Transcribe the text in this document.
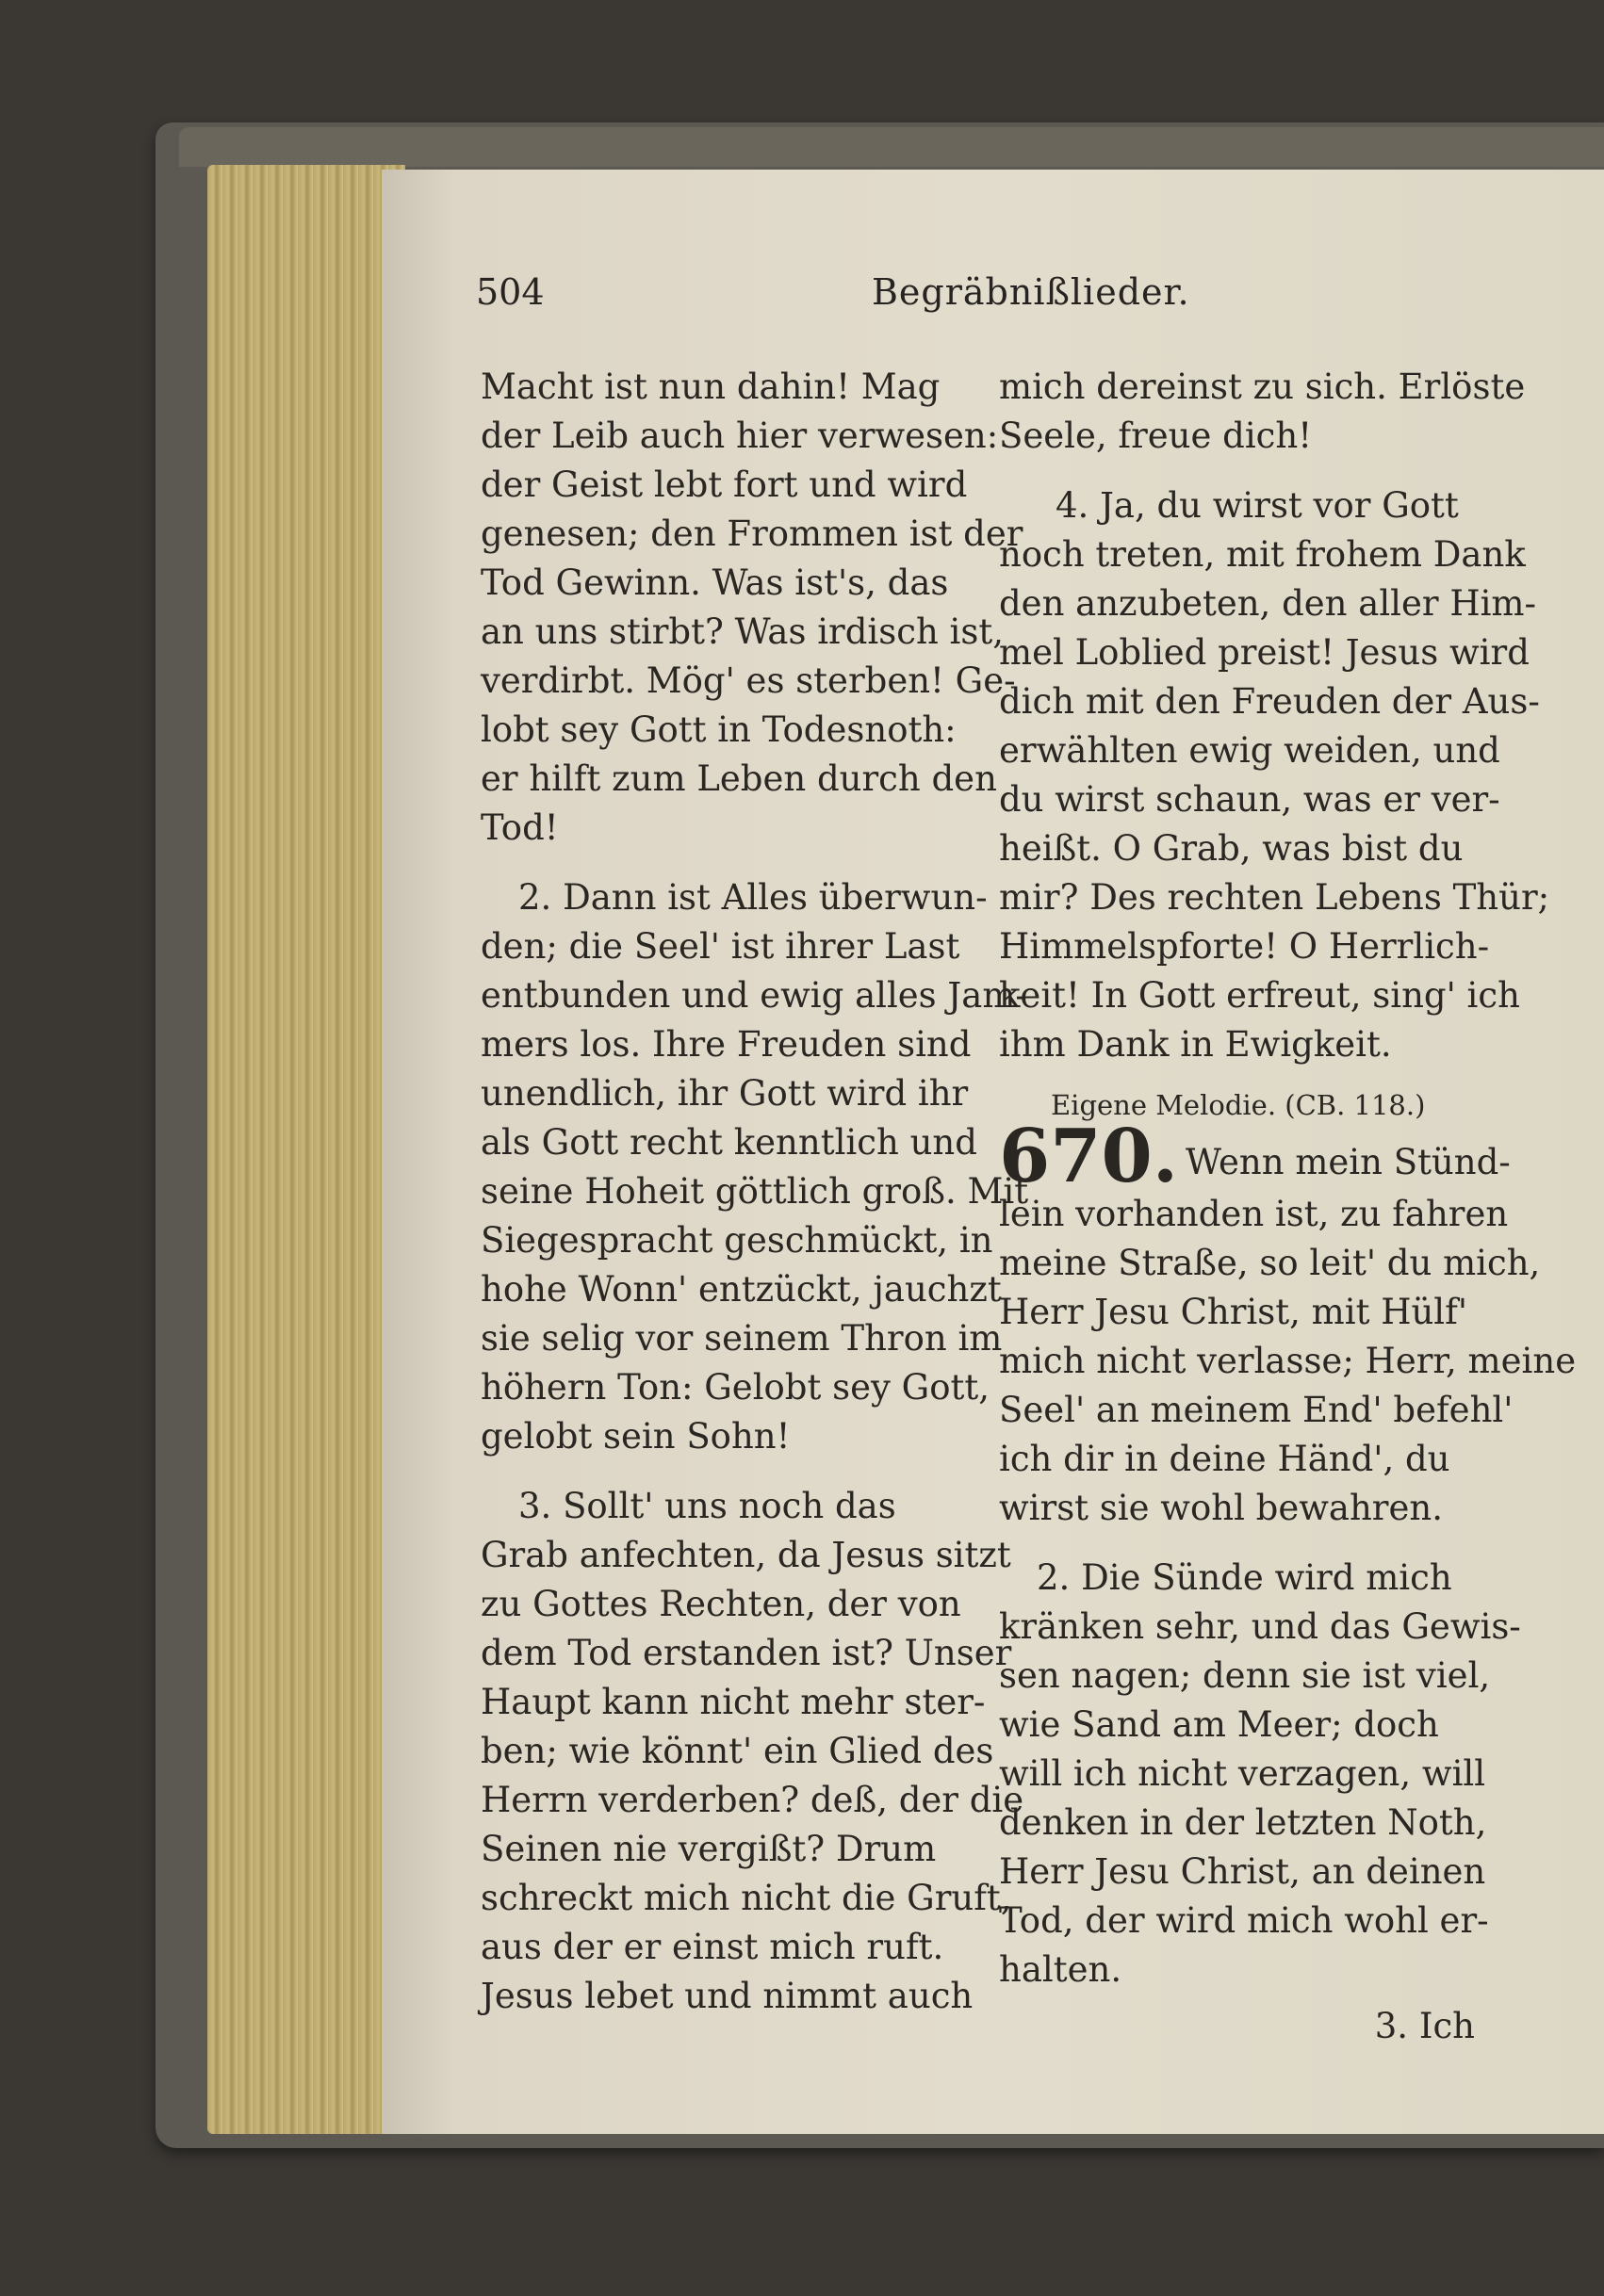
504	Begräbnißlieder.

Macht ist nun dahin! Mag
der Leib auch hier verwesen:
der Geist lebt fort und wird
genesen; den Frommen ist der
Tod Gewinn. Was ist's, das
an uns stirbt? Was irdisch ist,
verdirbt. Mög' es sterben! Ge-
lobt sey Gott in Todesnoth:
er hilft zum Leben durch den
Tod!

2. Dann ist Alles überwun-
den; die Seel' ist ihrer Last
entbunden und ewig alles Jam-
mers los. Ihre Freuden sind
unendlich, ihr Gott wird ihr
als Gott recht kenntlich und
seine Hoheit göttlich groß. Mit
Siegespracht geschmückt, in
hohe Wonn' entzückt, jauchzt
sie selig vor seinem Thron im
höhern Ton: Gelobt sey Gott,
gelobt sein Sohn!

3. Sollt' uns noch das
Grab anfechten, da Jesus sitzt
zu Gottes Rechten, der von
dem Tod erstanden ist? Unser
Haupt kann nicht mehr ster-
ben; wie könnt' ein Glied des
Herrn verderben? deß, der die
Seinen nie vergißt? Drum
schreckt mich nicht die Gruft,
aus der er einst mich ruft.
Jesus lebet und nimmt auch

mich dereinst zu sich. Erlöste
Seele, freue dich!

4. Ja, du wirst vor Gott
noch treten, mit frohem Dank
den anzubeten, den aller Him-
mel Loblied preist! Jesus wird
dich mit den Freuden der Aus-
erwählten ewig weiden, und
du wirst schaun, was er ver-
heißt. O Grab, was bist du
mir? Des rechten Lebens Thür;
Himmelspforte! O Herrlich-
keit! In Gott erfreut, sing' ich
ihm Dank in Ewigkeit.

Eigene Melodie. (CB. 118.)

670. Wenn mein Stünd-
lein vorhanden ist, zu fahren
meine Straße, so leit' du mich,
Herr Jesu Christ, mit Hülf'
mich nicht verlasse; Herr, meine
Seel' an meinem End' befehl'
ich dir in deine Händ', du
wirst sie wohl bewahren.

2. Die Sünde wird mich
kränken sehr, und das Gewis-
sen nagen; denn sie ist viel,
wie Sand am Meer; doch
will ich nicht verzagen, will
denken in der letzten Noth,
Herr Jesu Christ, an deinen
Tod, der wird mich wohl er-
halten.

3. Ich
